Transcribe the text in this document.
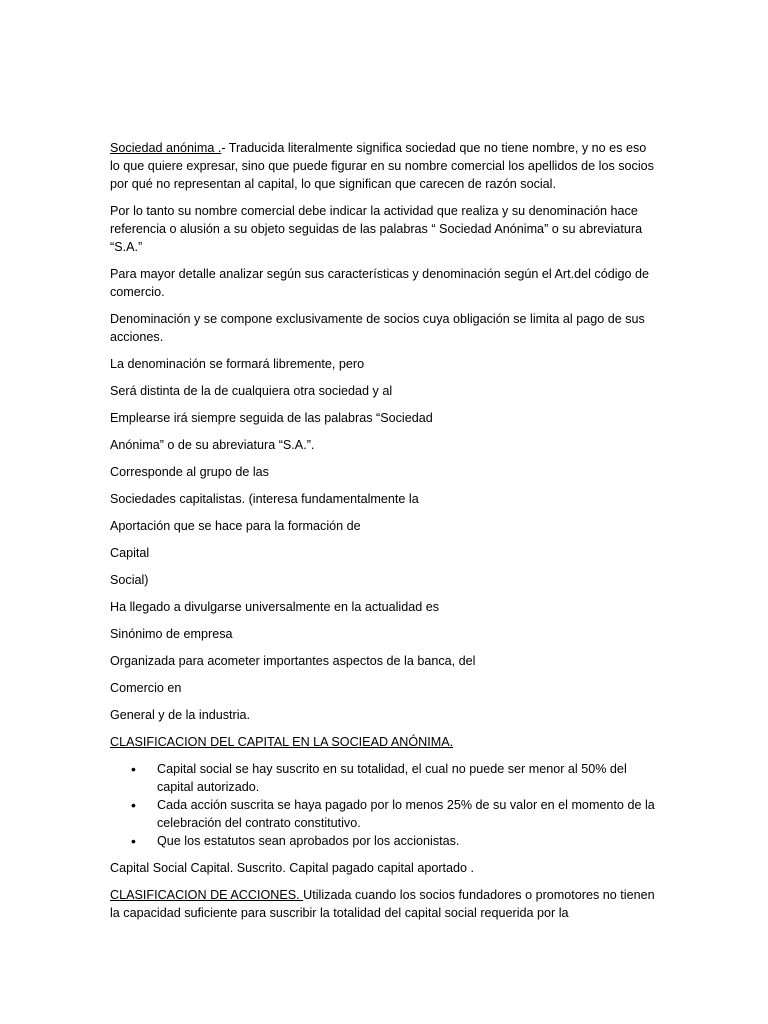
Sociedad anónima .- Traducida literalmente significa sociedad que no tiene nombre, y no es eso lo que quiere expresar, sino que puede figurar en su nombre comercial los apellidos de los socios por qué no representan al capital, lo que significan que carecen de razón social.

Por lo tanto su nombre comercial debe indicar la actividad que realiza y su denominación hace referencia o alusión a su objeto seguidas de las palabras “ Sociedad Anónima” o su abreviatura “S.A.”

Para mayor detalle analizar según sus características y denominación según el Art.del código de comercio.

Denominación y se compone exclusivamente de socios cuya obligación se limita al pago de sus acciones.

La denominación se formará libremente, pero

Será distinta de la de cualquiera otra sociedad y al

Emplearse irá siempre seguida de las palabras “Sociedad

Anónima” o de su abreviatura “S.A.”.

Corresponde al grupo de las

Sociedades capitalistas. (interesa fundamentalmente la

Aportación que se hace para la formación de

Capital

Social)

Ha llegado a divulgarse universalmente en la actualidad es

Sinónimo de empresa

Organizada para acometer importantes aspectos de la banca, del

Comercio en

General y de la industria.

CLASIFICACION DEL CAPITAL EN LA SOCIEAD ANÓNIMA.

• Capital social se hay suscrito en su totalidad, el cual no puede ser menor al 50% del capital autorizado.
• Cada acción suscrita se haya pagado por lo menos 25% de su valor en el momento de la celebración del contrato constitutivo.
• Que los estatutos sean aprobados por los accionistas.

Capital Social Capital. Suscrito. Capital pagado capital aportado .

CLASIFICACION DE ACCIONES. Utilizada cuando los socios fundadores o promotores no tienen la capacidad suficiente para suscribir la totalidad del capital social requerida por la
